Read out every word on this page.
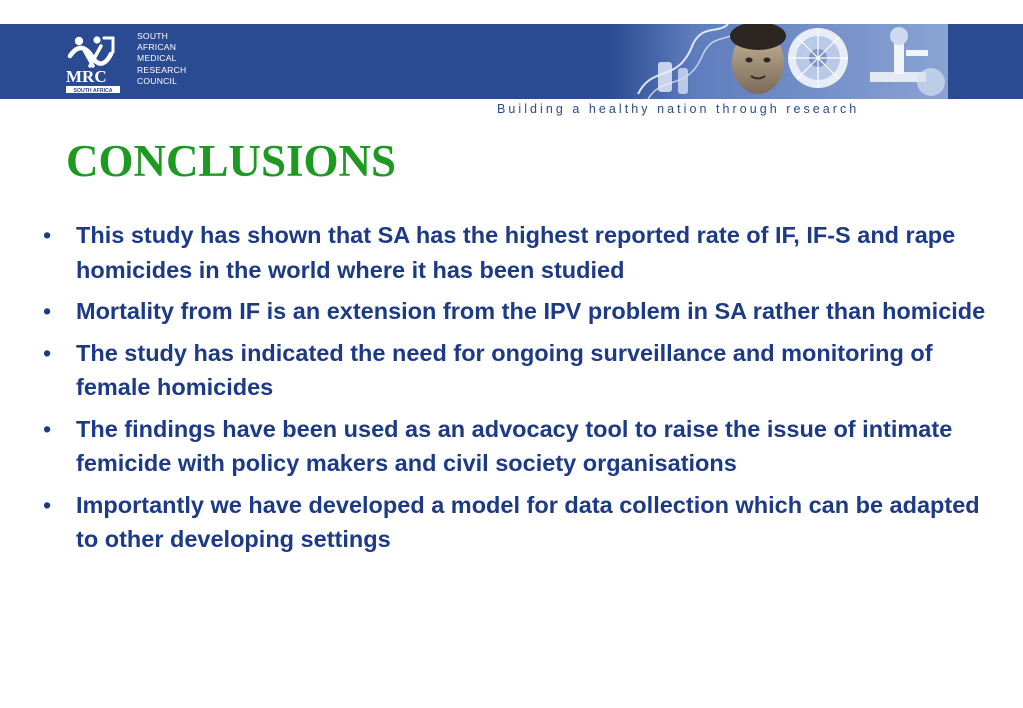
MRC
SOUTH AFRICA
SOUTH
AFRICAN
MEDICAL
RESEARCH
COUNCIL
Building a healthy nation through research
CONCLUSIONS
• This study has shown that SA has the highest reported rate of IF, IF-S and rape homicides in the world where it has been studied
• Mortality from IF is an extension from the IPV problem in SA rather than homicide
• The study has indicated the need for ongoing surveillance and monitoring of female homicides
• The findings have been used as an advocacy tool to raise the issue of intimate femicide with policy makers and civil society organisations
• Importantly we have developed a model for data collection which can be adapted to other developing settings
